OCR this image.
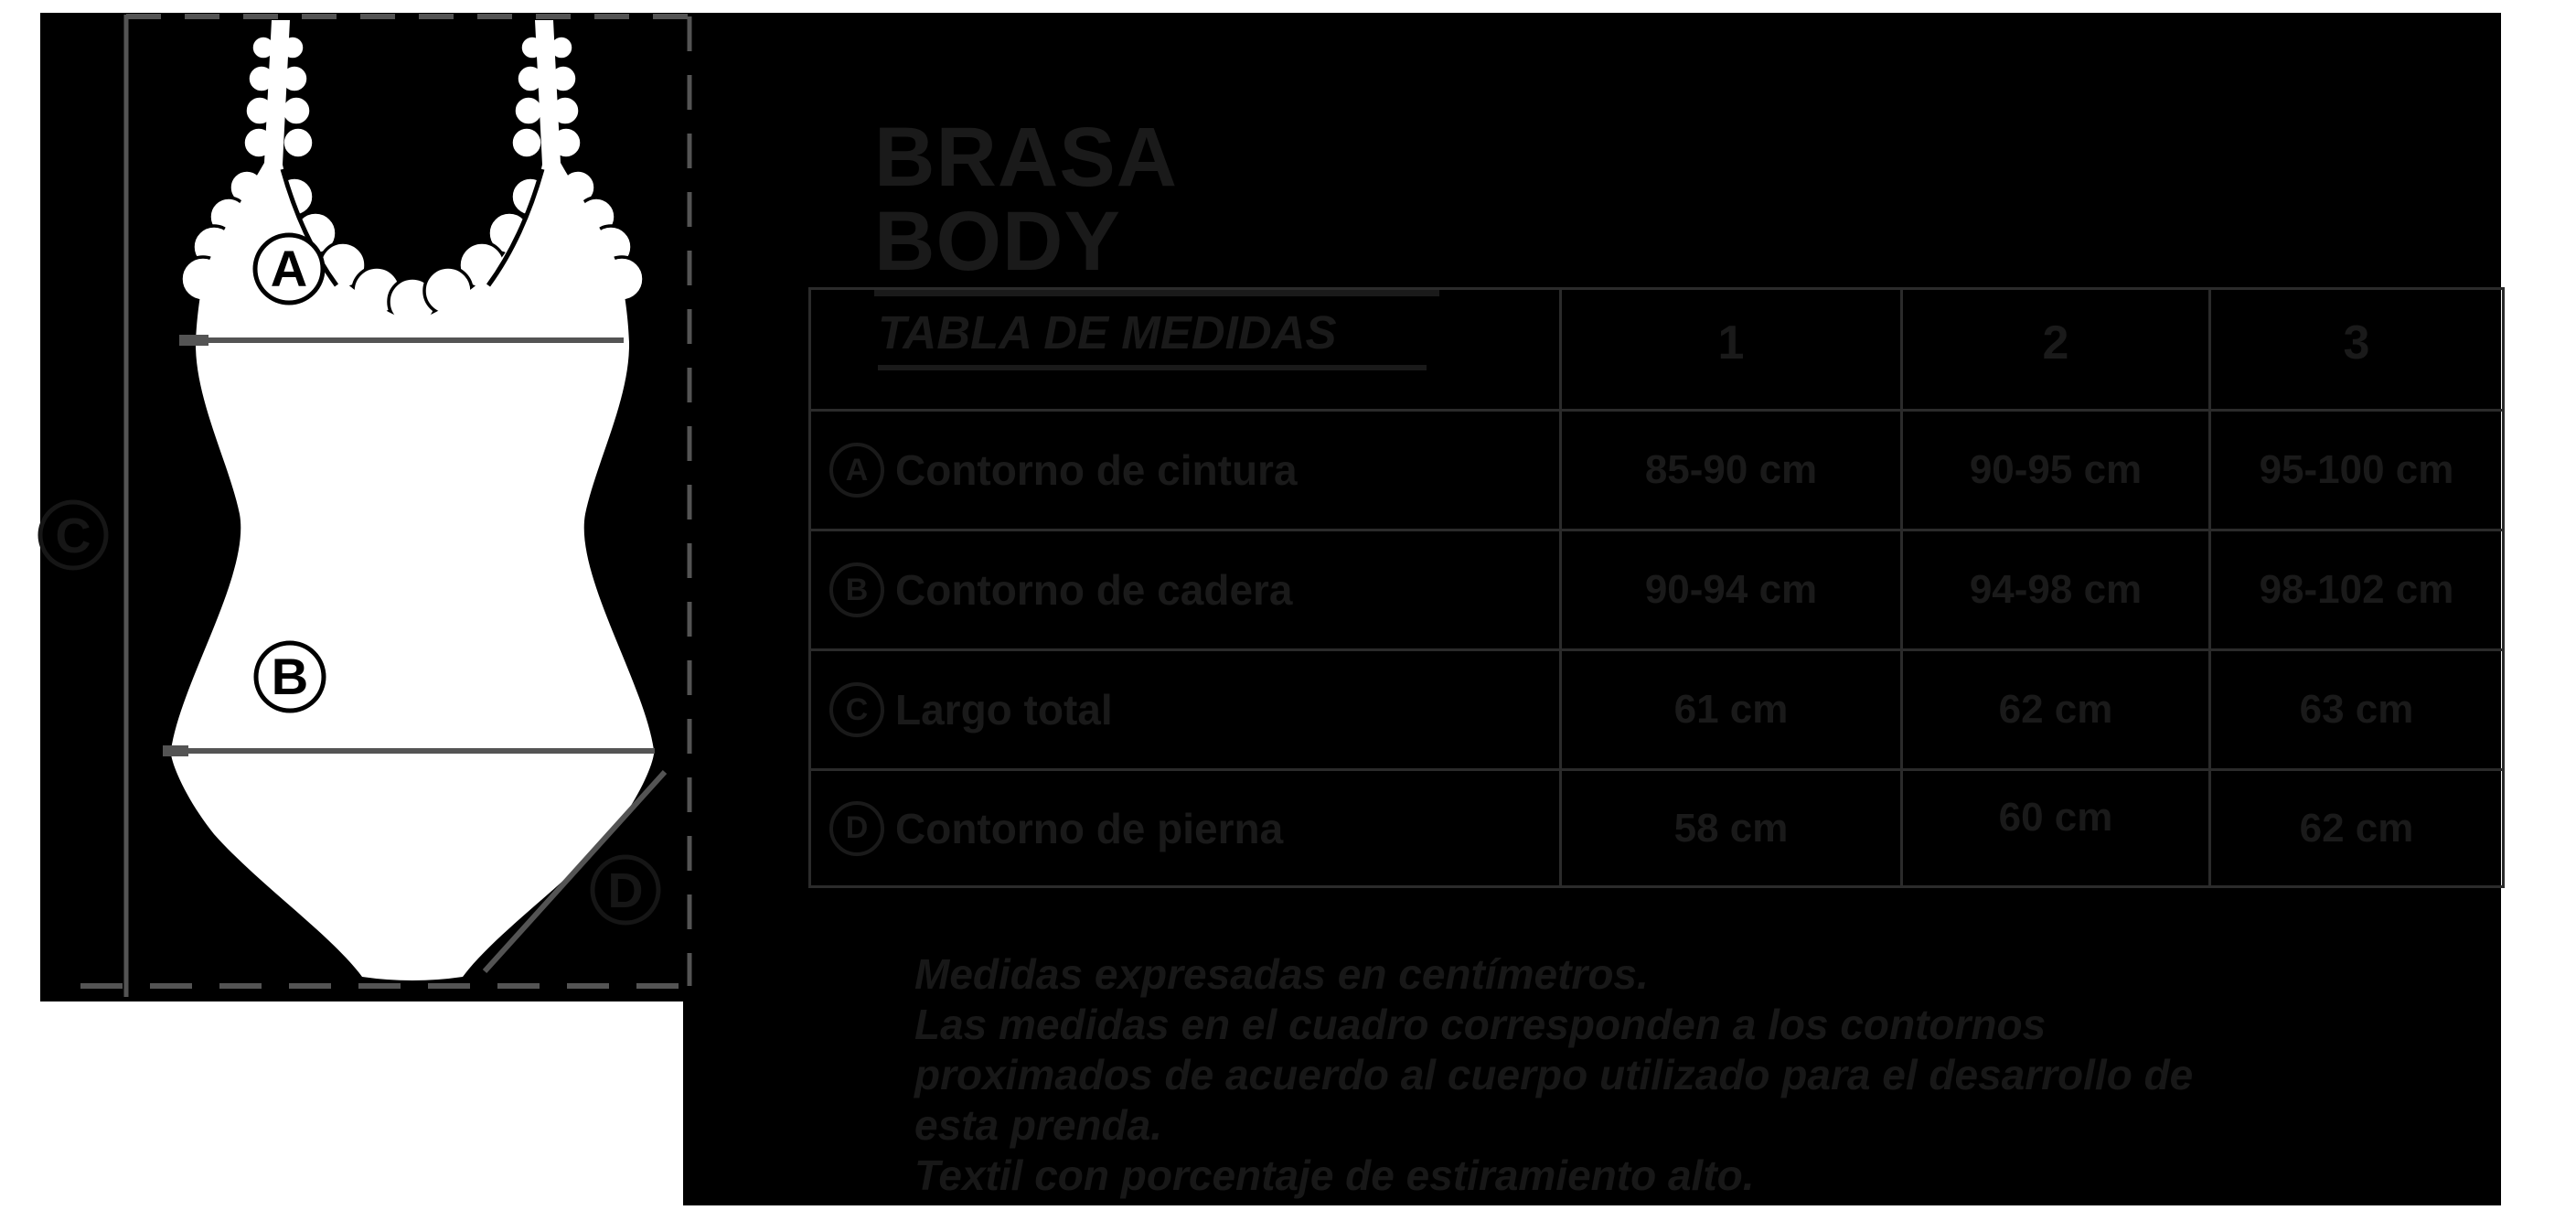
A
B
C
D
BRASA BODY
TABLA DE MEDIDAS	1	2	3
A Contorno de cintura	85-90 cm	90-95 cm	95-100 cm
B Contorno de cadera	90-94 cm	94-98 cm	98-102 cm
C Largo total	61 cm	62 cm	63 cm
D Contorno de pierna	58 cm	60 cm	62 cm
Medidas expresadas en centímetros.
Las medidas en el cuadro corresponden a los contornos
proximados de acuerdo al cuerpo utilizado para el desarrollo de
esta prenda.
Textil con porcentaje de estiramiento alto.
